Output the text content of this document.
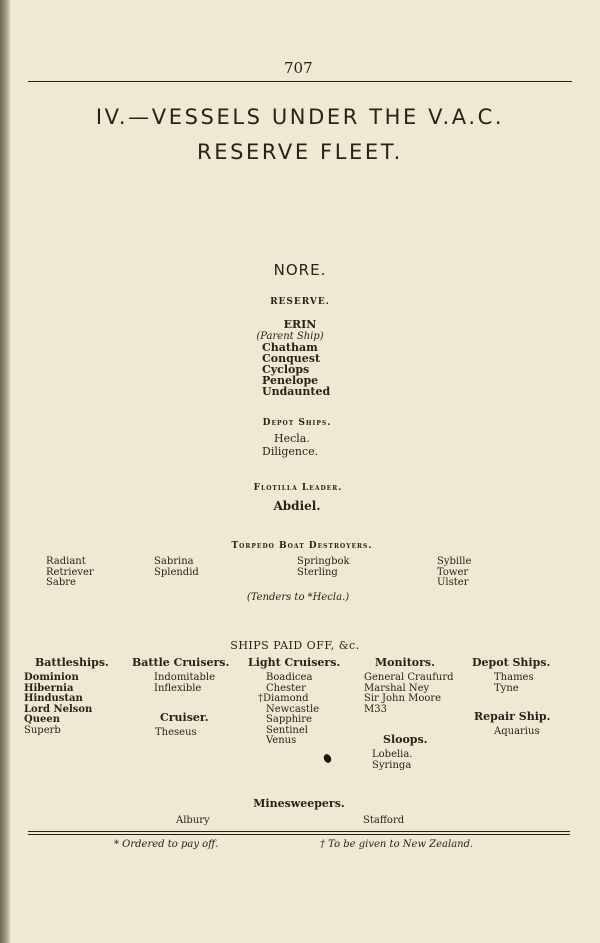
707
IV.—VESSELS UNDER THE V.A.C.
RESERVE FLEET.
NORE.
RESERVE.
ERIN
(Parent Ship)
Chatham
Conquest
Cyclops
Penelope
Undaunted
Depot Ships.
Hecla.
Diligence.
Flotilla Leader.
Abdiel.
Torpedo Boat Destroyers.
Radiant
Retriever
Sabre
Sabrina
Splendid
Springbok
Sterling
Sybille
Tower
Ulster
(Tenders to *Hecla.)
SHIPS PAID OFF, &c.
Battleships.
Dominion
Hibernia
Hindustan
Lord Nelson
Queen
Superb
Battle Cruisers.
Indomitable
Inflexible
Cruiser.
Theseus
Light Cruisers.
Boadicea
Chester
†Diamond
Newcastle
Sapphire
Sentinel
Venus
Monitors.
General Craufurd
Marshal Ney
Sir John Moore
M33
Sloops.
Lobelia.
Syringa
Depot Ships.
Thames
Tyne
Repair Ship.
Aquarius
Minesweepers.
Albury	Stafford
* Ordered to pay off.	† To be given to New Zealand.
